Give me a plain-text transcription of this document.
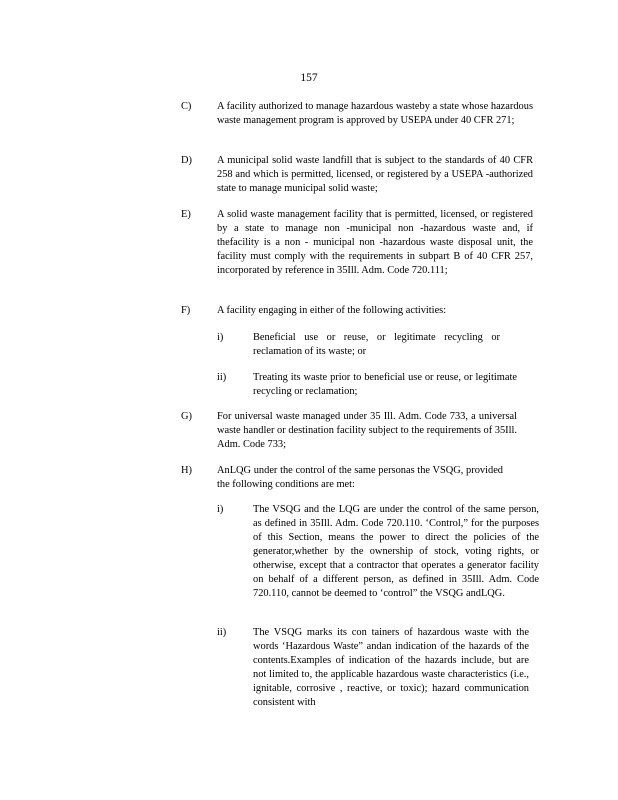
157
C)	A facility authorized to manage hazardous wasteby a state whose hazardous waste management program is approved by USEPA under 40 CFR 271;
D)	A municipal solid waste landfill that is subject to the standards of 40 CFR 258 and which is permitted, licensed, or registered by a USEPA -authorized state to manage municipal solid waste;
E)	A solid waste management facility that is permitted, licensed, or registered by a state to manage non -municipal non -hazardous waste and, if thefacility is a non - municipal non -hazardous waste disposal unit, the facility must comply with the requirements in subpart B of 40 CFR 257, incorporated by reference in 35Ill. Adm. Code 720.111;
F)	A facility engaging in either of the following activities:
i)	Beneficial use or reuse, or legitimate recycling or reclamation of its waste; or
ii)	Treating its waste prior to beneficial use or reuse, or legitimate recycling or reclamation;
G)	For universal waste managed under 35 Ill. Adm. Code 733, a universal waste handler or destination facility subject to the requirements of 35Ill. Adm. Code 733;
H)	AnLQG under the control of the same personas the VSQG, provided the following conditions are met:
i)	The VSQG and the LQG are under the control of the same person, as defined in 35Ill. Adm. Code 720.110. ‘Control,” for the purposes of this Section, means the power to direct the policies of the generator,whether by the ownership of stock, voting rights, or otherwise, except that a contractor that operates a generator facility on behalf of a different person, as defined in 35Ill. Adm. Code 720.110, cannot be deemed to ‘control” the VSQG andLQG.
ii)	The VSQG marks its con tainers of hazardous waste with the words ‘Hazardous Waste” andan indication of the hazards of the contents.Examples of indication of the hazards include, but are not limited to, the applicable hazardous waste characteristics (i.e., ignitable, corrosive , reactive, or toxic); hazard communication consistent with
